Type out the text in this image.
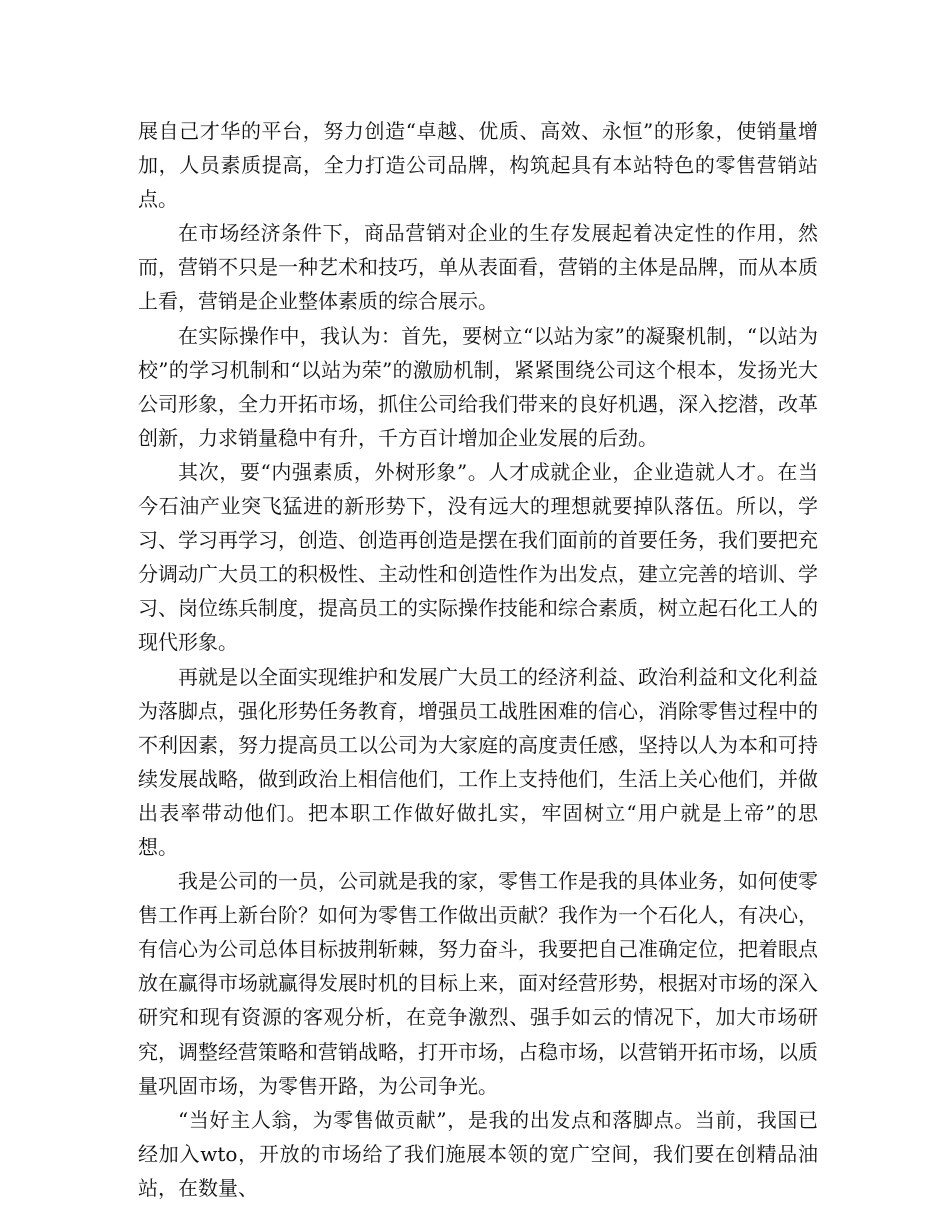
展自己才华的平台，努力创造“卓越、优质、高效、永恒”的形象，使销量增加，人员素质提高，全力打造公司品牌，构筑起具有本站特色的零售营销站点。

在市场经济条件下，商品营销对企业的生存发展起着决定性的作用，然而，营销不只是一种艺术和技巧，单从表面看，营销的主体是品牌，而从本质上看，营销是企业整体素质的综合展示。

在实际操作中，我认为：首先，要树立“以站为家”的凝聚机制，“以站为校”的学习机制和“以站为荣”的激励机制，紧紧围绕公司这个根本，发扬光大公司形象，全力开拓市场，抓住公司给我们带来的良好机遇，深入挖潜，改革创新，力求销量稳中有升，千方百计增加企业发展的后劲。

其次，要“内强素质，外树形象”。人才成就企业，企业造就人才。在当今石油产业突飞猛进的新形势下，没有远大的理想就要掉队落伍。所以，学习、学习再学习，创造、创造再创造是摆在我们面前的首要任务，我们要把充分调动广大员工的积极性、主动性和创造性作为出发点，建立完善的培训、学习、岗位练兵制度，提高员工的实际操作技能和综合素质，树立起石化工人的现代形象。

再就是以全面实现维护和发展广大员工的经济利益、政治利益和文化利益为落脚点，强化形势任务教育，增强员工战胜困难的信心，消除零售过程中的不利因素，努力提高员工以公司为大家庭的高度责任感，坚持以人为本和可持续发展战略，做到政治上相信他们，工作上支持他们，生活上关心他们，并做出表率带动他们。把本职工作做好做扎实，牢固树立“用户就是上帝”的思想。

我是公司的一员，公司就是我的家，零售工作是我的具体业务，如何使零售工作再上新台阶？如何为零售工作做出贡献？我作为一个石化人，有决心，有信心为公司总体目标披荆斩棘，努力奋斗，我要把自己准确定位，把着眼点放在赢得市场就赢得发展时机的目标上来，面对经营形势，根据对市场的深入研究和现有资源的客观分析，在竞争激烈、强手如云的情况下，加大市场研究，调整经营策略和营销战略，打开市场，占稳市场，以营销开拓市场，以质量巩固市场，为零售开路，为公司争光。

“当好主人翁，为零售做贡献”，是我的出发点和落脚点。当前，我国已经加入wto，开放的市场给了我们施展本领的宽广空间，我们要在创精品油站，在数量、
